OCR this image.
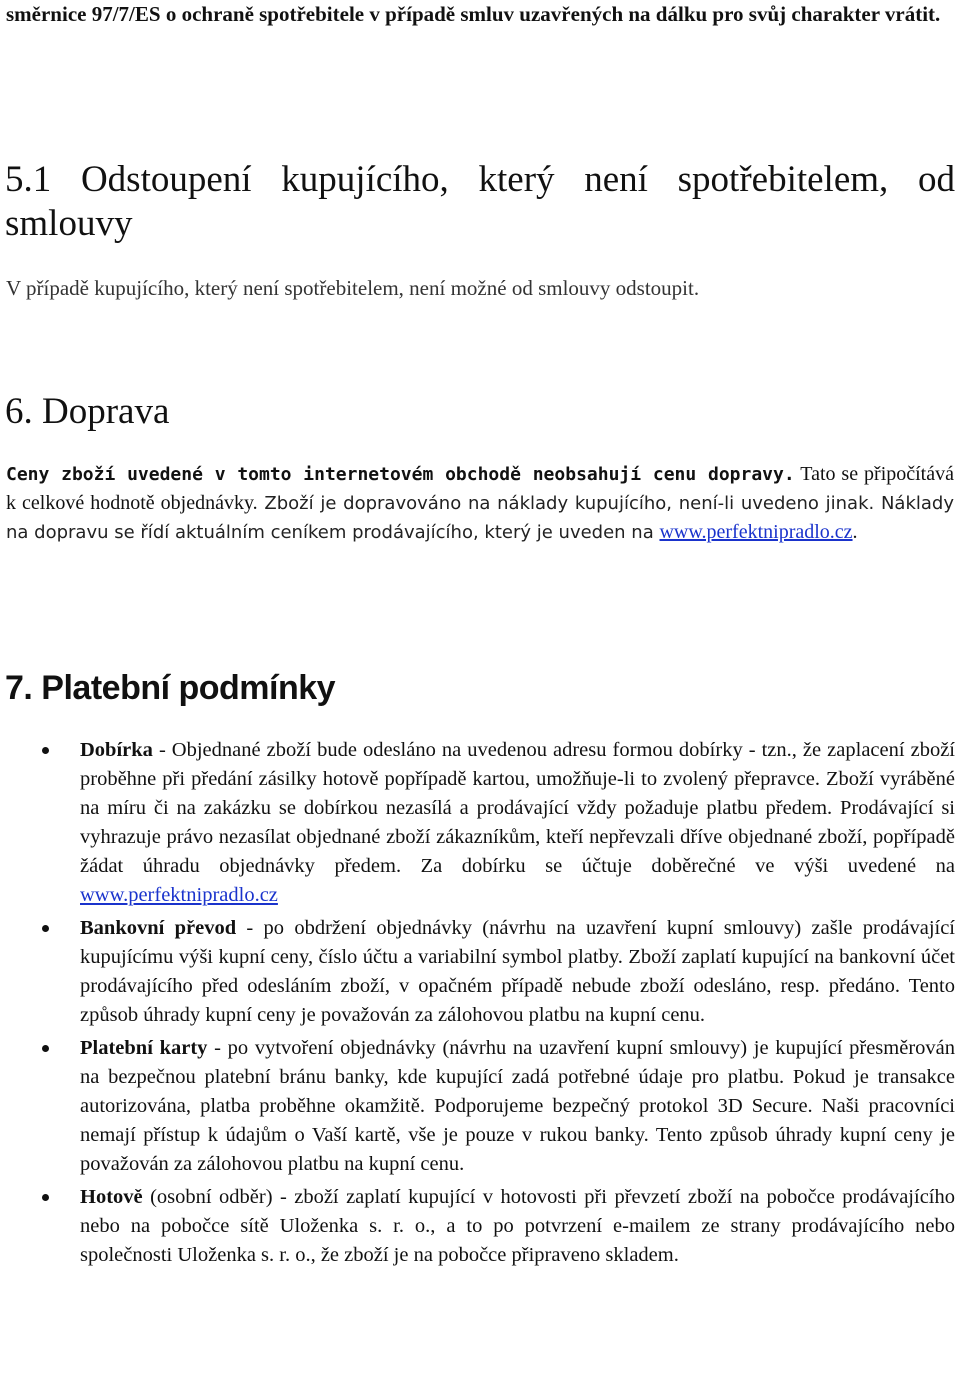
směrnice 97/7/ES o ochraně spotřebitele v případě smluv uzavřených na dálku pro svůj charakter vrátit.

5.1 Odstoupení kupujícího, který není spotřebitelem, od smlouvy

V případě kupujícího, který není spotřebitelem, není možné od smlouvy odstoupit.

6. Doprava

Ceny zboží uvedené v tomto internetovém obchodě neobsahují cenu dopravy. Tato se připočítává k celkové hodnotě objednávky. Zboží je dopravováno na náklady kupujícího, není-li uvedeno jinak. Náklady na dopravu se řídí aktuálním ceníkem prodávajícího, který je uveden na www.perfektnipradlo.cz.

7. Platební podmínky

Dobírka - Objednané zboží bude odesláno na uvedenou adresu formou dobírky - tzn., že zaplacení zboží proběhne při předání zásilky hotově popřípadě kartou, umožňuje-li to zvolený přepravce. Zboží vyráběné na míru či na zakázku se dobírkou nezasílá a prodávající vždy požaduje platbu předem. Prodávající si vyhrazuje právo nezasílat objednané zboží zákazníkům, kteří nepřevzali dříve objednané zboží, popřípadě žádat úhradu objednávky předem. Za dobírku se účtuje doběrečné ve výši uvedené na www.perfektnipradlo.cz

Bankovní převod - po obdržení objednávky (návrhu na uzavření kupní smlouvy) zašle prodávající kupujícímu výši kupní ceny, číslo účtu a variabilní symbol platby. Zboží zaplatí kupující na bankovní účet prodávajícího před odesláním zboží, v opačném případě nebude zboží odesláno, resp. předáno. Tento způsob úhrady kupní ceny je považován za zálohovou platbu na kupní cenu.

Platební karty - po vytvoření objednávky (návrhu na uzavření kupní smlouvy) je kupující přesměrován na bezpečnou platební bránu banky, kde kupující zadá potřebné údaje pro platbu. Pokud je transakce autorizována, platba proběhne okamžitě. Podporujeme bezpečný protokol 3D Secure. Naši pracovníci nemají přístup k údajům o Vaší kartě, vše je pouze v rukou banky. Tento způsob úhrady kupní ceny je považován za zálohovou platbu na kupní cenu.

Hotově (osobní odběr) - zboží zaplatí kupující v hotovosti při převzetí zboží na pobočce prodávajícího nebo na pobočce sítě Uloženka s. r. o., a to po potvrzení e-mailem ze strany prodávajícího nebo společnosti Uloženka s. r. o., že zboží je na pobočce připraveno skladem.
